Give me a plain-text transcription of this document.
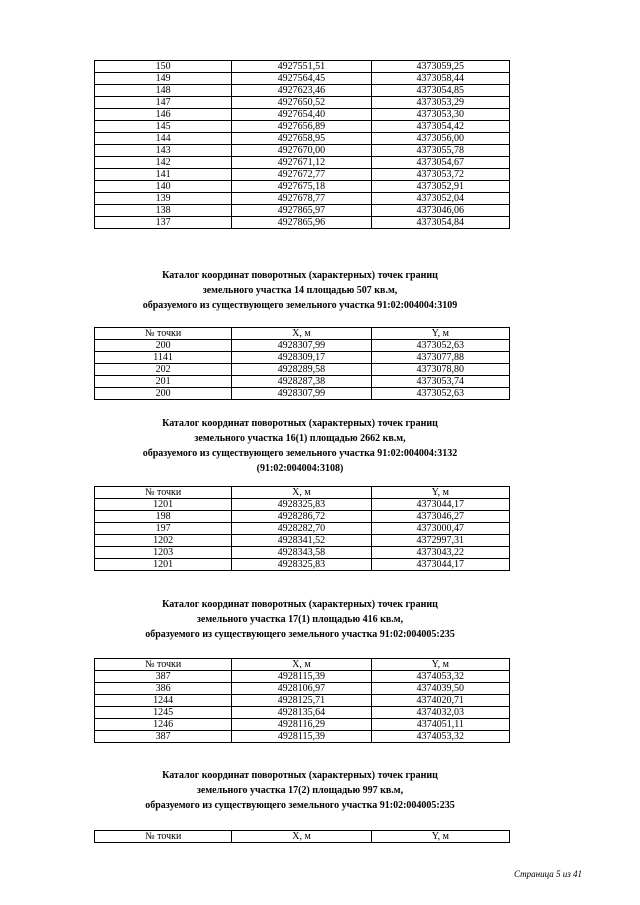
150	4927551,51	4373059,25
149	4927564,45	4373058,44
148	4927623,46	4373054,85
147	4927650,52	4373053,29
146	4927654,40	4373053,30
145	4927656,89	4373054,42
144	4927658,95	4373056,00
143	4927670,00	4373055,78
142	4927671,12	4373054,67
141	4927672,77	4373053,72
140	4927675,18	4373052,91
139	4927678,77	4373052,04
138	4927865,97	4373046,06
137	4927865,96	4373054,84
Каталог координат поворотных (характерных) точек границ
земельного участка 14 площадью 507 кв.м,
образуемого из существующего земельного участка 91:02:004004:3109
№ точки	X, м	Y, м
200	4928307,99	4373052,63
1141	4928309,17	4373077,88
202	4928289,58	4373078,80
201	4928287,38	4373053,74
200	4928307,99	4373052,63
Каталог координат поворотных (характерных) точек границ
земельного участка 16(1) площадью 2662 кв.м,
образуемого из существующего земельного участка 91:02:004004:3132
(91:02:004004:3108)
№ точки	X, м	Y, м
1201	4928325,83	4373044,17
198	4928286,72	4373046,27
197	4928282,70	4373000,47
1202	4928341,52	4372997,31
1203	4928343,58	4373043,22
1201	4928325,83	4373044,17
Каталог координат поворотных (характерных) точек границ
земельного участка 17(1) площадью 416 кв.м,
образуемого из существующего земельного участка 91:02:004005:235
№ точки	X, м	Y, м
387	4928115,39	4374053,32
386	4928106,97	4374039,50
1244	4928125,71	4374020,71
1245	4928135,64	4374032,03
1246	4928116,29	4374051,11
387	4928115,39	4374053,32
Каталог координат поворотных (характерных) точек границ
земельного участка 17(2) площадью 997 кв.м,
образуемого из существующего земельного участка 91:02:004005:235
№ точки	X, м	Y, м
Страница 5 из 41
